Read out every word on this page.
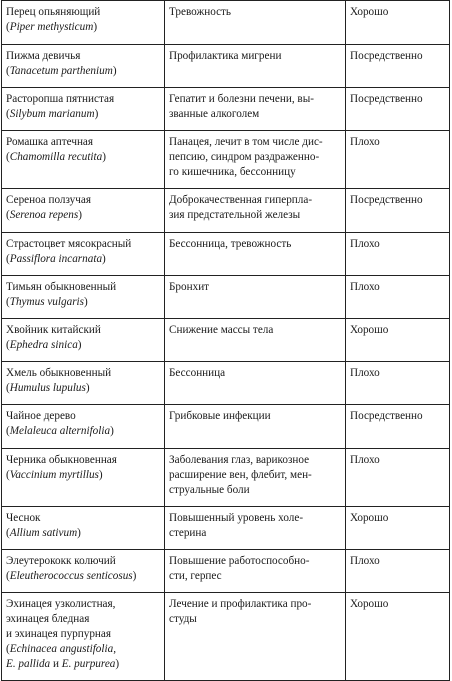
Перец опьяняющий
(Piper methysticum)	Тревожность	Хорошо

Пижма девичья
(Tanacetum parthenium)	Профилактика мигрени	Посредственно

Расторопша пятнистая
(Silybum marianum)	Гепатит и болезни печени, вы-
званные алкоголем	Посредственно

Ромашка аптечная
(Chamomilla recutita)	Панацея, лечит в том числе дис-
пепсию, синдром раздраженно-
го кишечника, бессонницу	Плохо

Сереноа ползучая
(Serenoa repens)	Доброкачественная гиперпла-
зия предстательной железы	Посредственно

Страстоцвет мясокрасный
(Passiflora incarnata)	Бессонница, тревожность	Плохо

Тимьян обыкновенный
(Thymus vulgaris)	Бронхит	Плохо

Хвойник китайский
(Ephedra sinica)	Снижение массы тела	Хорошо

Хмель обыкновенный
(Humulus lupulus)	Бессонница	Плохо

Чайное дерево
(Melaleuca alternifolia)	Грибковые инфекции	Посредственно

Черника обыкновенная
(Vaccinium myrtillus)	Заболевания глаз, варикозное
расширение вен, флебит, мен-
струальные боли	Плохо

Чеснок
(Allium sativum)	Повышенный уровень холе-
стерина	Хорошо

Элеутерококк колючий
(Eleutherococcus senticosus)	Повышение работоспособно-
сти, герпес	Плохо

Эхинацея узколистная,
эхинацея бледная
и эхинацея пурпурная
(Echinacea angustifolia,
E. pallida и E. purpurea)	Лечение и профилактика про-
студы	Хорошо
